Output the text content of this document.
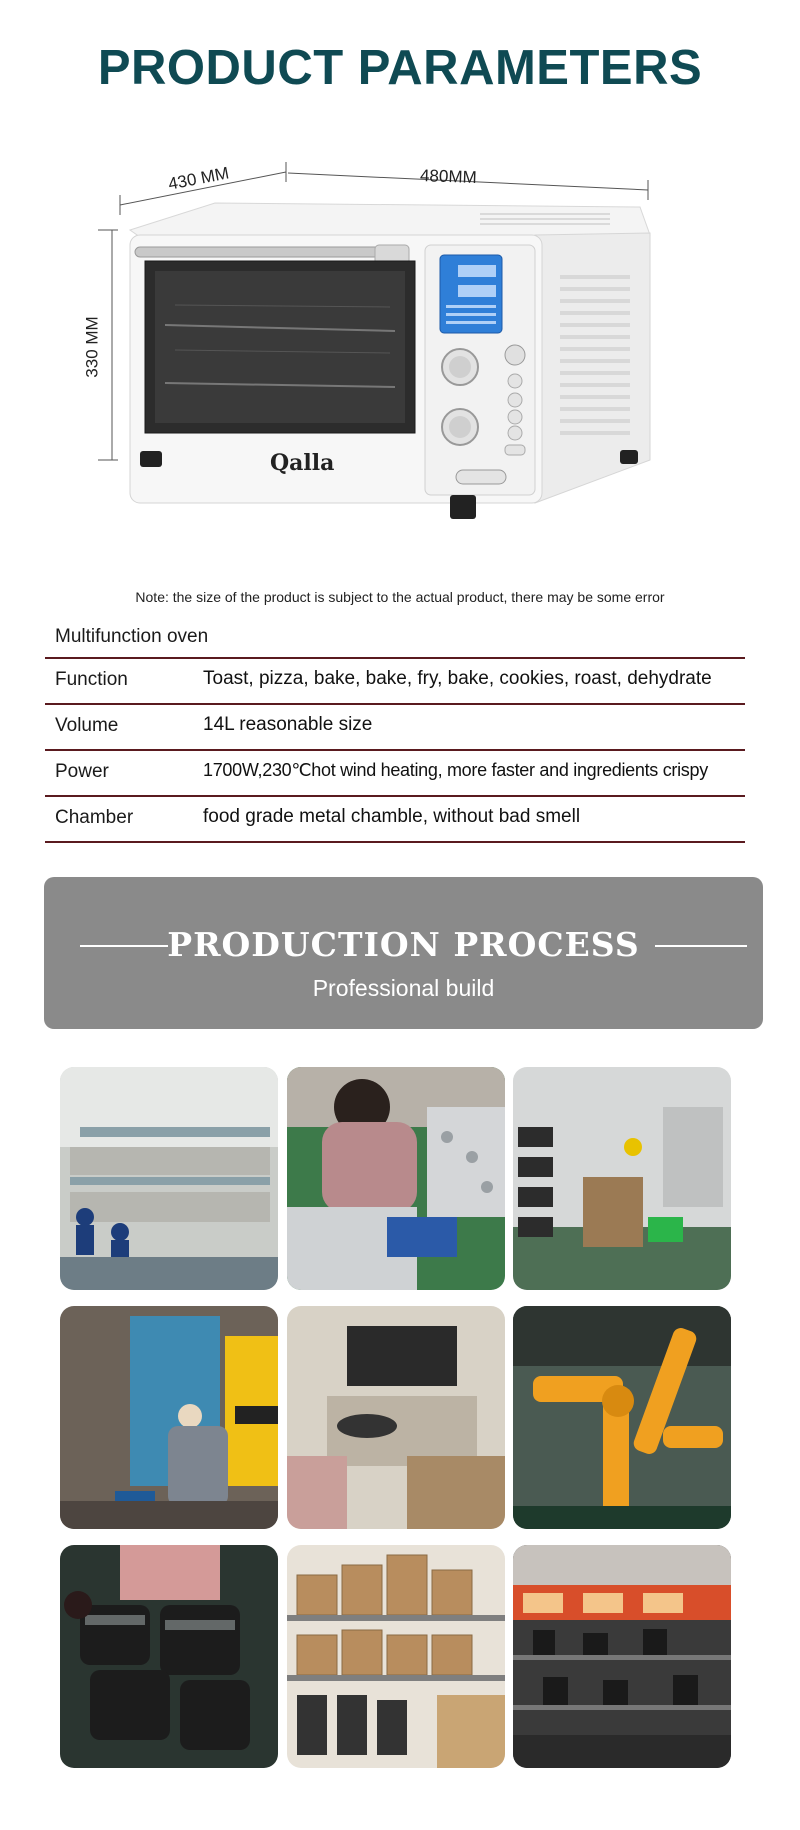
PRODUCT PARAMETERS
430 MM	480MM
330 MM
Qalla
Note: the size of the product is subject to the actual product, there may be some error
Multifunction oven
Function	Toast, pizza, bake, bake, fry, bake, cookies, roast, dehydrate
Volume	14L reasonable size
Power	1700W,230℃hot wind heating, more faster and ingredients crispy
Chamber	food grade metal chamble, without bad smell
PRODUCTION PROCESS
Professional build
